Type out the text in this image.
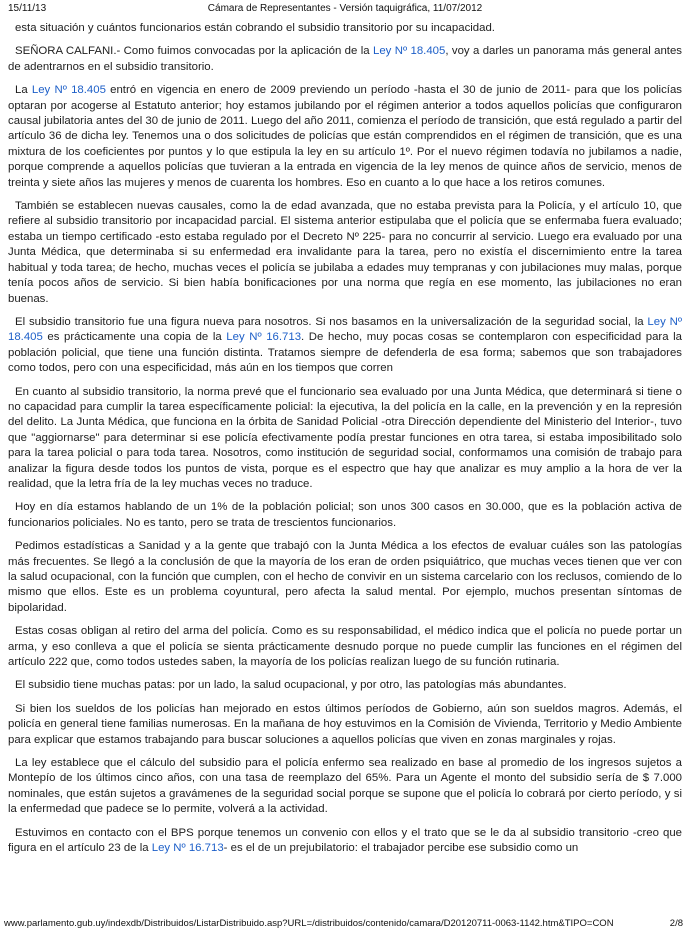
15/11/13	Cámara de Representantes - Versión taquigráfica, 11/07/2012

esta situación y cuántos funcionarios están cobrando el subsidio transitorio por su incapacidad.

SEÑORA CALFANI.- Como fuimos convocadas por la aplicación de la Ley Nº 18.405, voy a darles un panorama más general antes de adentrarnos en el subsidio transitorio.

La Ley Nº 18.405 entró en vigencia en enero de 2009 previendo un período -hasta el 30 de junio de 2011- para que los policías optaran por acogerse al Estatuto anterior; hoy estamos jubilando por el régimen anterior a todos aquellos policías que configuraron causal jubilatoria antes del 30 de junio de 2011. Luego del año 2011, comienza el período de transición, que está regulado a partir del artículo 36 de dicha ley. Tenemos una o dos solicitudes de policías que están comprendidos en el régimen de transición, que es una mixtura de los coeficientes por puntos y lo que estipula la ley en su artículo 1º. Por el nuevo régimen todavía no jubilamos a nadie, porque comprende a aquellos policías que tuvieran a la entrada en vigencia de la ley menos de quince años de servicio, menos de treinta y siete años las mujeres y menos de cuarenta los hombres. Eso en cuanto a lo que hace a los retiros comunes.

También se establecen nuevas causales, como la de edad avanzada, que no estaba prevista para la Policía, y el artículo 10, que refiere al subsidio transitorio por incapacidad parcial. El sistema anterior estipulaba que el policía que se enfermaba fuera evaluado; estaba un tiempo certificado -esto estaba regulado por el Decreto Nº 225- para no concurrir al servicio. Luego era evaluado por una Junta Médica, que determinaba si su enfermedad era invalidante para la tarea, pero no existía el discernimiento entre la tarea habitual y toda tarea; de hecho, muchas veces el policía se jubilaba a edades muy tempranas y con jubilaciones muy malas, porque tenía pocos años de servicio. Si bien había bonificaciones por una norma que regía en ese momento, las jubilaciones no eran buenas.

El subsidio transitorio fue una figura nueva para nosotros. Si nos basamos en la universalización de la seguridad social, la Ley Nº 18.405 es prácticamente una copia de la Ley Nº 16.713. De hecho, muy pocas cosas se contemplaron con especificidad para la población policial, que tiene una función distinta. Tratamos siempre de defenderla de esa forma; sabemos que son trabajadores como todos, pero con una especificidad, más aún en los tiempos que corren

En cuanto al subsidio transitorio, la norma prevé que el funcionario sea evaluado por una Junta Médica, que determinará si tiene o no capacidad para cumplir la tarea específicamente policial: la ejecutiva, la del policía en la calle, en la prevención y en la represión del delito. La Junta Médica, que funciona en la órbita de Sanidad Policial -otra Dirección dependiente del Ministerio del Interior-, tuvo que "aggiornarse" para determinar si ese policía efectivamente podía prestar funciones en otra tarea, si estaba imposibilitado solo para la tarea policial o para toda tarea. Nosotros, como institución de seguridad social, conformamos una comisión de trabajo para analizar la figura desde todos los puntos de vista, porque es el espectro que hay que analizar es muy amplio a la hora de ver la realidad, que la letra fría de la ley muchas veces no traduce.

Hoy en día estamos hablando de un 1% de la población policial; son unos 300 casos en 30.000, que es la población activa de funcionarios policiales. No es tanto, pero se trata de trescientos funcionarios.

Pedimos estadísticas a Sanidad y a la gente que trabajó con la Junta Médica a los efectos de evaluar cuáles son las patologías más frecuentes. Se llegó a la conclusión de que la mayoría de los eran de orden psiquiátrico, que muchas veces tienen que ver con la salud ocupacional, con la función que cumplen, con el hecho de convivir en un sistema carcelario con los reclusos, comiendo de lo mismo que ellos. Este es un problema coyuntural, pero afecta la salud mental. Por ejemplo, muchos presentan síntomas de bipolaridad.

Estas cosas obligan al retiro del arma del policía. Como es su responsabilidad, el médico indica que el policía no puede portar un arma, y eso conlleva a que el policía se sienta prácticamente desnudo porque no puede cumplir las funciones en el régimen del artículo 222 que, como todos ustedes saben, la mayoría de los policías realizan luego de su función rutinaria.

El subsidio tiene muchas patas: por un lado, la salud ocupacional, y por otro, las patologías más abundantes.

Si bien los sueldos de los policías han mejorado en estos últimos períodos de Gobierno, aún son sueldos magros. Además, el policía en general tiene familias numerosas. En la mañana de hoy estuvimos en la Comisión de Vivienda, Territorio y Medio Ambiente para explicar que estamos trabajando para buscar soluciones a aquellos policías que viven en zonas marginales y rojas.

La ley establece que el cálculo del subsidio para el policía enfermo sea realizado en base al promedio de los ingresos sujetos a Montepío de los últimos cinco años, con una tasa de reemplazo del 65%. Para un Agente el monto del subsidio sería de $ 7.000 nominales, que están sujetos a gravámenes de la seguridad social porque se supone que el policía lo cobrará por cierto período, y si la enfermedad que padece se lo permite, volverá a la actividad.

Estuvimos en contacto con el BPS porque tenemos un convenio con ellos y el trato que se le da al subsidio transitorio -creo que figura en el artículo 23 de la Ley Nº 16.713- es el de un prejubilatorio: el trabajador percibe ese subsidio como un

www.parlamento.gub.uy/indexdb/Distribuidos/ListarDistribuido.asp?URL=/distribuidos/contenido/camara/D20120711-0063-1142.htm&TIPO=CON	2/8
